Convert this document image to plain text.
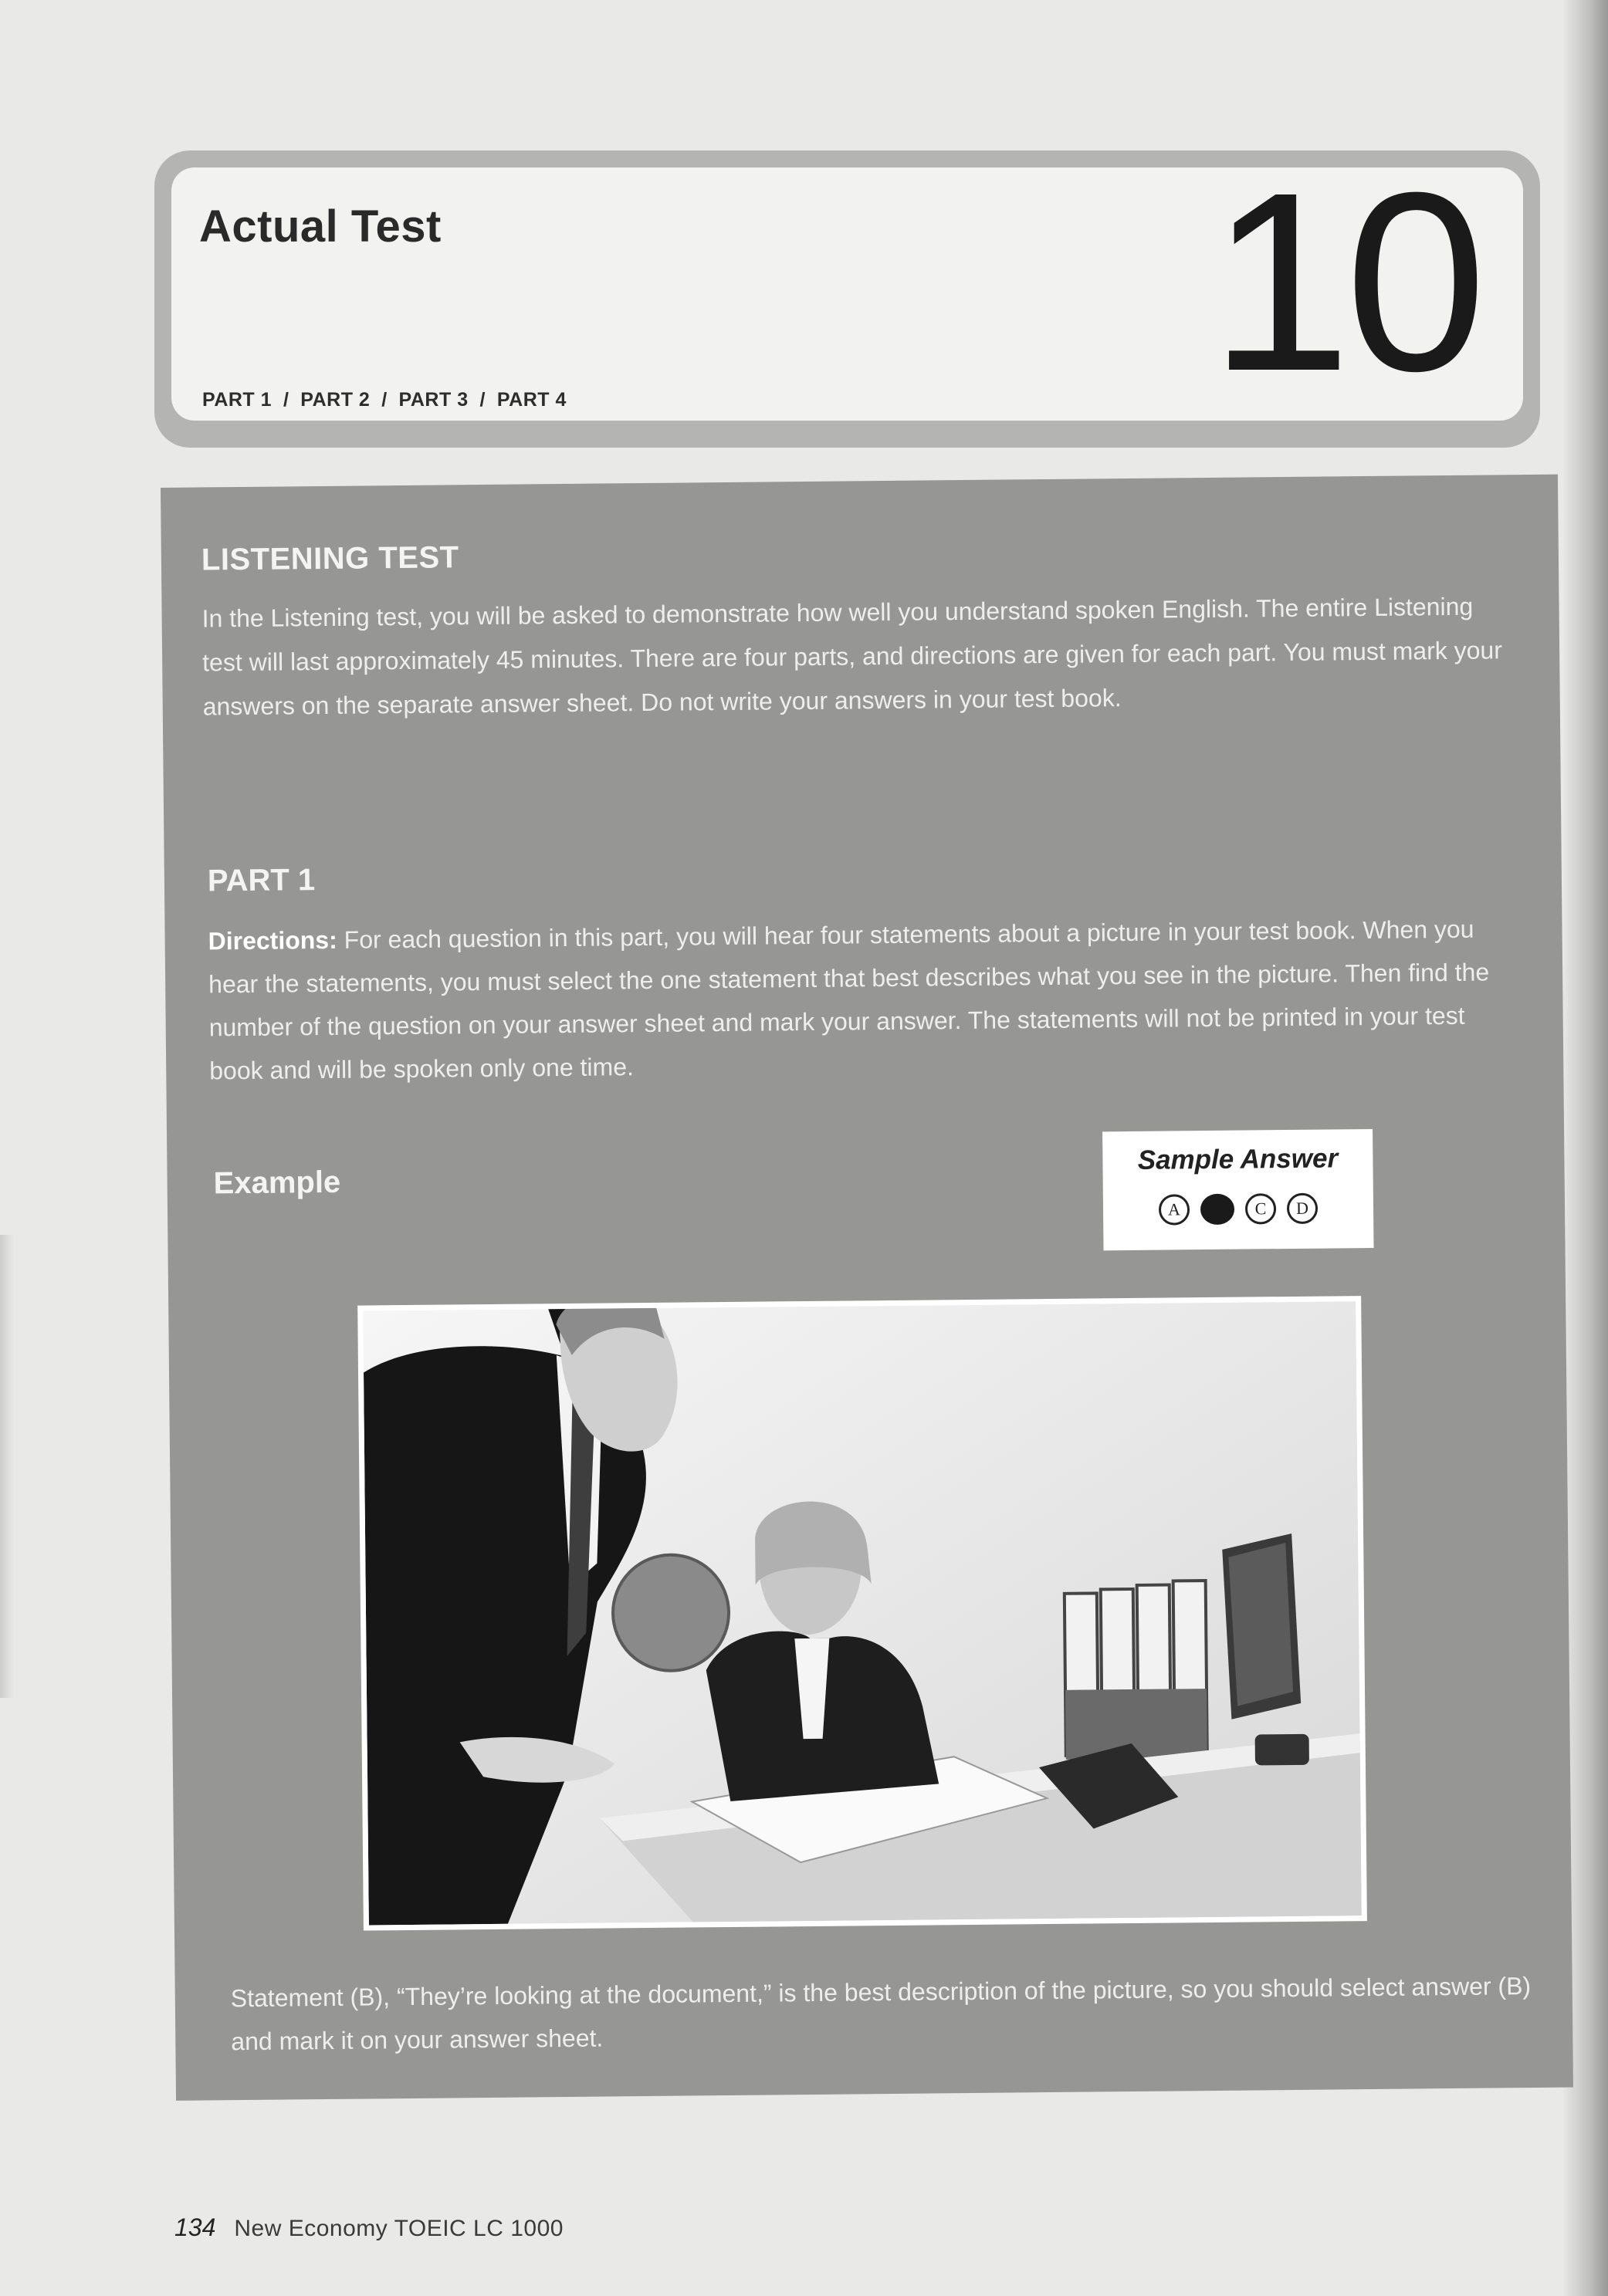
Actual Test
PART 1  /  PART 2  /  PART 3  /  PART 4	10
LISTENING TEST
In the Listening test, you will be asked to demonstrate how well you understand spoken English. The entire Listening test will last approximately 45 minutes. There are four parts, and directions are given for each part. You must mark your answers on the separate answer sheet. Do not write your answers in your test book.
PART 1
Directions: For each question in this part, you will hear four statements about a picture in your test book. When you hear the statements, you must select the one statement that best describes what you see in the picture. Then find the number of the question on your answer sheet and mark your answer. The statements will not be printed in your test book and will be spoken only one time.
Example
Sample Answer
A	C	D
Statement (B), “They’re looking at the document,” is the best description of the picture, so you should select answer (B) and mark it on your answer sheet.
134 New Economy TOEIC LC 1000
